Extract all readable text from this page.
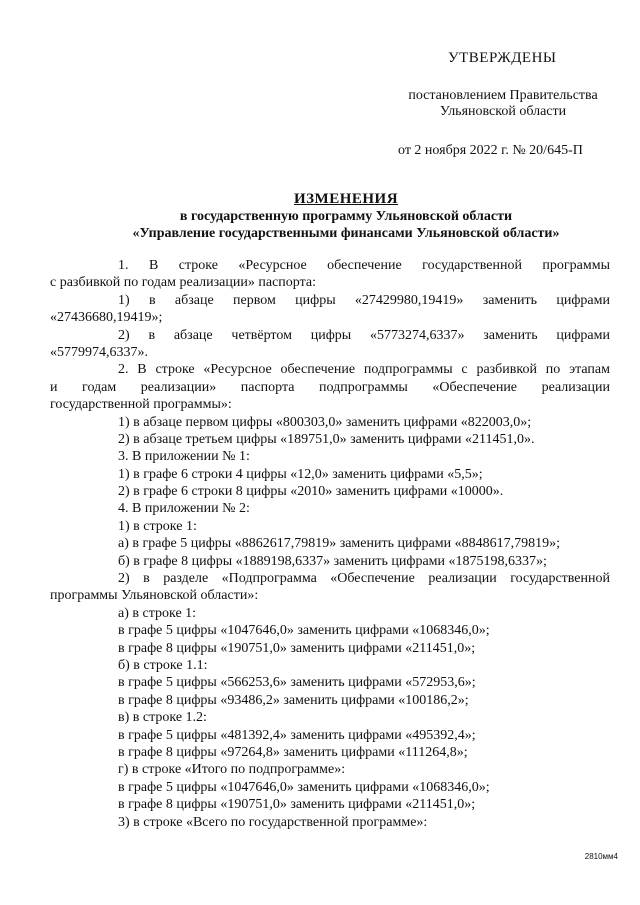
УТВЕРЖДЕНЫ
постановлением Правительства
Ульяновской области
от 2 ноября 2022 г. № 20/645-П
ИЗМЕНЕНИЯ
в государственную программу Ульяновской области
«Управление государственными финансами Ульяновской области»
1. В строке «Ресурсное обеспечение государственной программы
с разбивкой по годам реализации» паспорта:
1) в абзаце первом цифры «27429980,19419» заменить цифрами
«27436680,19419»;
2) в абзаце четвёртом цифры «5773274,6337» заменить цифрами
«5779974,6337».
2. В строке «Ресурсное обеспечение подпрограммы с разбивкой по этапам
и годам реализации» паспорта подпрограммы «Обеспечение реализации
государственной программы»:
1) в абзаце первом цифры «800303,0» заменить цифрами «822003,0»;
2) в абзаце третьем цифры «189751,0» заменить цифрами «211451,0».
3. В приложении № 1:
1) в графе 6 строки 4 цифры «12,0» заменить цифрами «5,5»;
2) в графе 6 строки 8 цифры «2010» заменить цифрами «10000».
4. В приложении № 2:
1) в строке 1:
а) в графе 5 цифры «8862617,79819» заменить цифрами «8848617,79819»;
б) в графе 8 цифры «1889198,6337» заменить цифрами «1875198,6337»;
2) в разделе «Подпрограмма «Обеспечение реализации государственной
программы Ульяновской области»:
а) в строке 1:
в графе 5 цифры «1047646,0» заменить цифрами «1068346,0»;
в графе 8 цифры «190751,0» заменить цифрами «211451,0»;
б) в строке 1.1:
в графе 5 цифры «566253,6» заменить цифрами «572953,6»;
в графе 8 цифры «93486,2» заменить цифрами «100186,2»;
в) в строке 1.2:
в графе 5 цифры «481392,4» заменить цифрами «495392,4»;
в графе 8 цифры «97264,8» заменить цифрами «111264,8»;
г) в строке «Итого по подпрограмме»:
в графе 5 цифры «1047646,0» заменить цифрами «1068346,0»;
в графе 8 цифры «190751,0» заменить цифрами «211451,0»;
3) в строке «Всего по государственной программе»:
2810мм4
